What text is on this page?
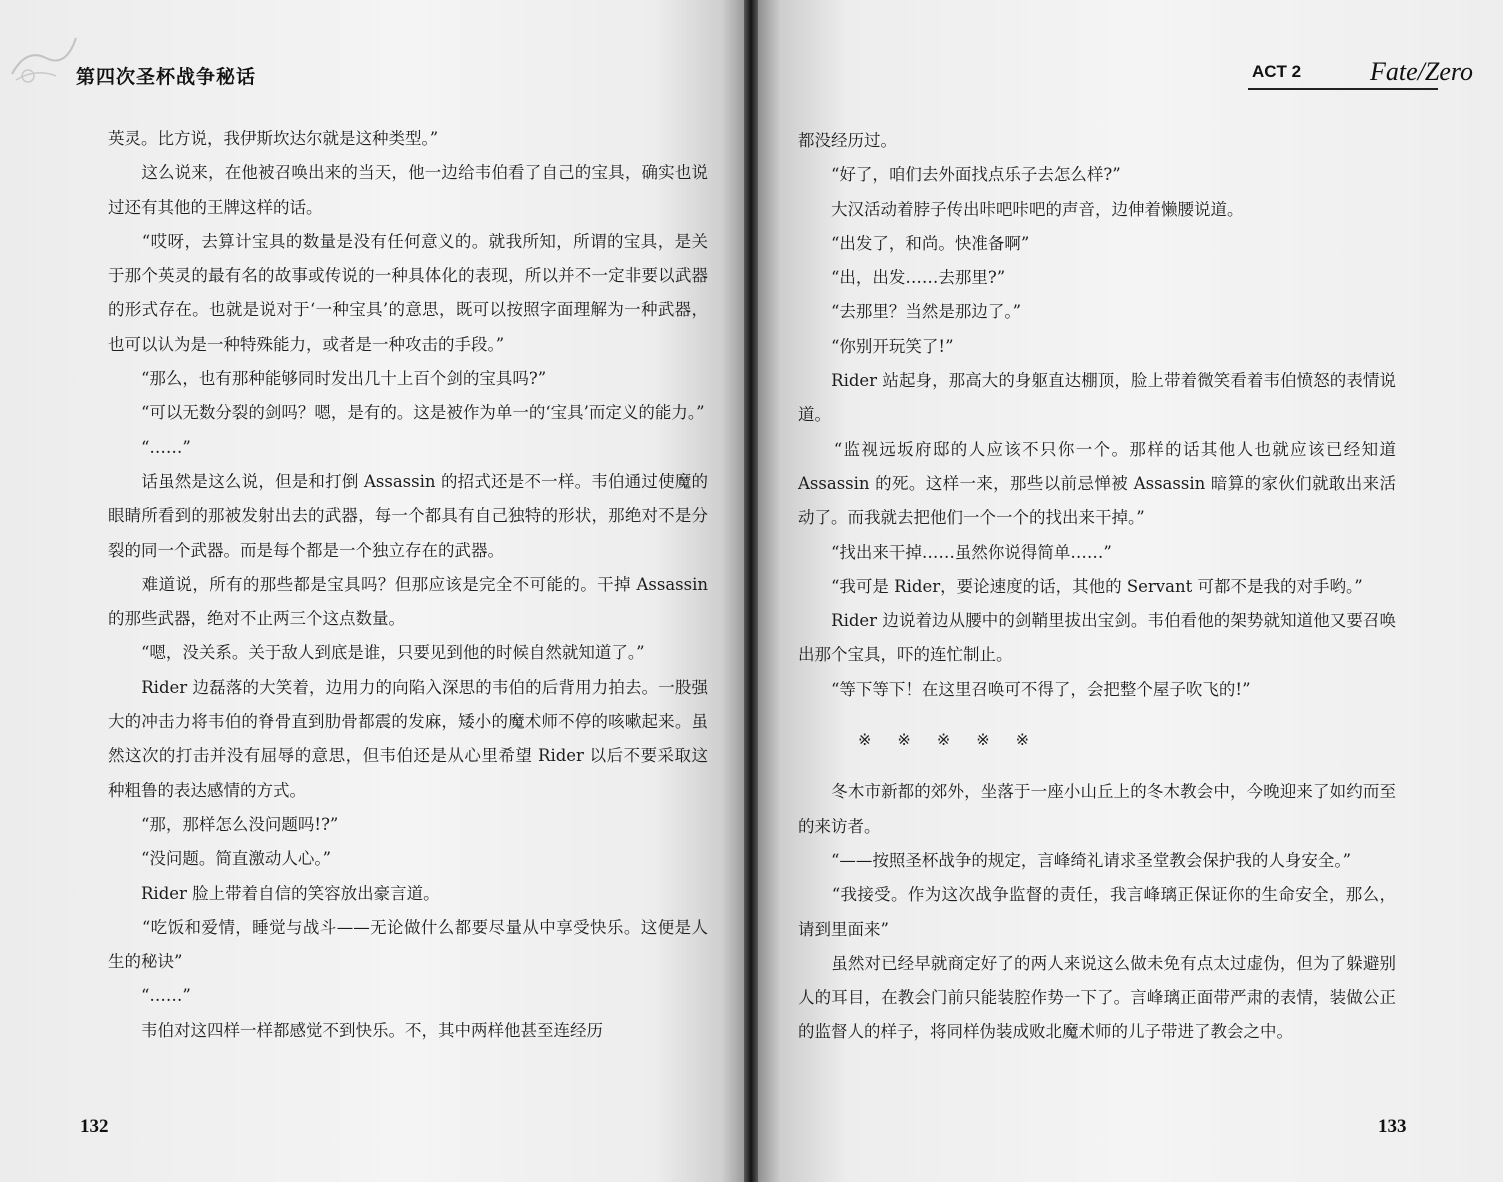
第四次圣杯战争秘话

英灵。比方说，我伊斯坎达尔就是这种类型。”

　　这么说来，在他被召唤出来的当天，他一边给韦伯看了自己的宝具，确实也说过还有其他的王牌这样的话。

　　“哎呀，去算计宝具的数量是没有任何意义的。就我所知，所谓的宝具，是关于那个英灵的最有名的故事或传说的一种具体化的表现，所以并不一定非要以武器的形式存在。也就是说对于‘一种宝具’的意思，既可以按照字面理解为一种武器，也可以认为是一种特殊能力，或者是一种攻击的手段。”

　　“那么，也有那种能够同时发出几十上百个剑的宝具吗?”

　　“可以无数分裂的剑吗？嗯，是有的。这是被作为单一的‘宝具’而定义的能力。”

　　“……”

　　话虽然是这么说，但是和打倒 Assassin 的招式还是不一样。韦伯通过使魔的眼睛所看到的那被发射出去的武器，每一个都具有自己独特的形状，那绝对不是分裂的同一个武器。而是每个都是一个独立存在的武器。

　　难道说，所有的那些都是宝具吗？但那应该是完全不可能的。干掉 Assassin 的那些武器，绝对不止两三个这点数量。

　　“嗯，没关系。关于敌人到底是谁，只要见到他的时候自然就知道了。”

　　Rider 边磊落的大笑着，边用力的向陷入深思的韦伯的后背用力拍去。一股强大的冲击力将韦伯的脊骨直到肋骨都震的发麻，矮小的魔术师不停的咳嗽起来。虽然这次的打击并没有屈辱的意思，但韦伯还是从心里希望 Rider 以后不要采取这种粗鲁的表达感情的方式。

　　“那，那样怎么没问题吗!?”

　　“没问题。简直激动人心。”

　　Rider 脸上带着自信的笑容放出豪言道。

　　“吃饭和爱情，睡觉与战斗——无论做什么都要尽量从中享受快乐。这便是人生的秘诀”

　　“……”

　　韦伯对这四样一样都感觉不到快乐。不，其中两样他甚至连经历

132
ACT 2	Fate/Zero

都没经历过。

　　“好了，咱们去外面找点乐子去怎么样?”

　　大汉活动着脖子传出咔吧咔吧的声音，边伸着懒腰说道。

　　“出发了，和尚。快准备啊”

　　“出，出发……去那里?”

　　“去那里？当然是那边了。”

　　“你别开玩笑了!”

　　Rider 站起身，那高大的身躯直达棚顶，脸上带着微笑看着韦伯愤怒的表情说道。

　　“监视远坂府邸的人应该不只你一个。那样的话其他人也就应该已经知道 Assassin 的死。这样一来，那些以前忌惮被 Assassin 暗算的家伙们就敢出来活动了。而我就去把他们一个一个的找出来干掉。”

　　“找出来干掉……虽然你说得简单……”

　　“我可是 Rider，要论速度的话，其他的 Servant 可都不是我的对手哟。”

　　Rider 边说着边从腰中的剑鞘里拔出宝剑。韦伯看他的架势就知道他又要召唤出那个宝具，吓的连忙制止。

　　“等下等下！在这里召唤可不得了，会把整个屋子吹飞的!”

※※※※※

　　冬木市新都的郊外，坐落于一座小山丘上的冬木教会中，今晚迎来了如约而至的来访者。

　　“——按照圣杯战争的规定，言峰绮礼请求圣堂教会保护我的人身安全。”

　　“我接受。作为这次战争监督的责任，我言峰璃正保证你的生命安全，那么，请到里面来”

　　虽然对已经早就商定好了的两人来说这么做未免有点太过虚伪，但为了躲避别人的耳目，在教会门前只能装腔作势一下了。言峰璃正面带严肃的表情，装做公正的监督人的样子，将同样伪装成败北魔术师的儿子带进了教会之中。

133
